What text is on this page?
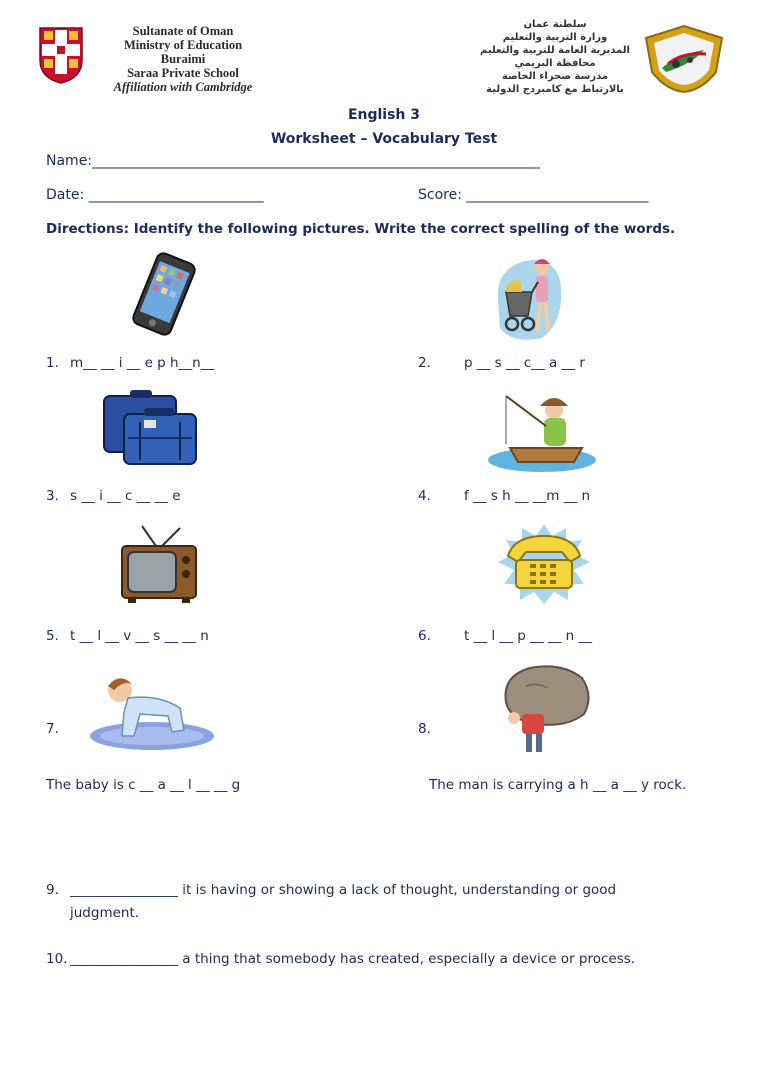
Sultanate of Oman
Ministry of Education
Buraimi
Saraa Private School
Affiliation with Cambridge
سلطنة عمان
وزارة التربية والتعليم
المديرية العامة للتربية والتعليم
محافظة البريمي
مدرسة صحراء الخاصة
بالارتباط مع كامبردج الدولية
English 3
Worksheet – Vocabulary Test
Name:________________________________________________________________
Date: _________________________	Score: __________________________
Directions: Identify the following pictures. Write the correct spelling of the words.
1. m__ __ i __ e p h__n__	2. p __ s __ c__ a __ r
3. s __ i __ c __ __ e	4. f __ s h __ __m __ n
5. t __ l __ v __ s __ __ n	6. t __ l __ p __ __ n __
7.	8.
The baby is c __ a __ l __ __ g	The man is carrying a h __ a __ y rock.
9. ________________ it is having or showing a lack of thought, understanding or good
judgment.
10. ________________ a thing that somebody has created, especially a device or process.
